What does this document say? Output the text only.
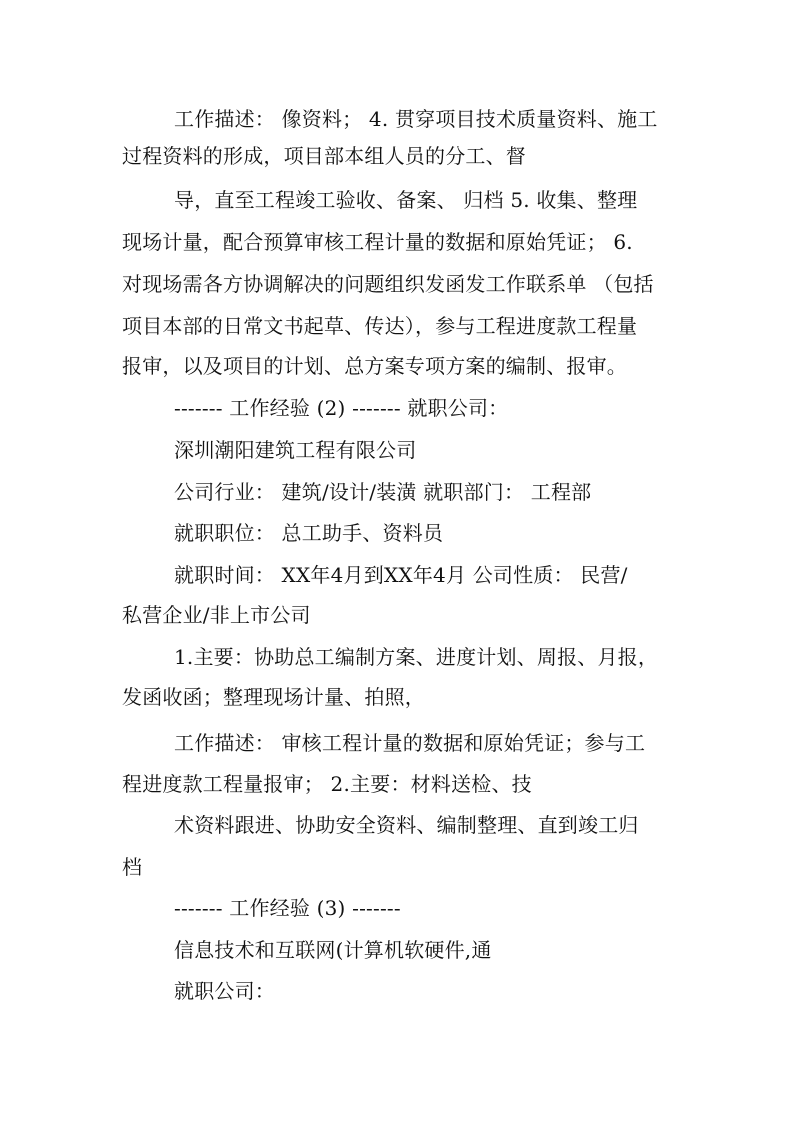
工作描述： 像资料； 4. 贯穿项目技术质量资料、施工
过程资料的形成，项目部本组人员的分工、督
导，直至工程竣工验收、备案、 归档 5. 收集、整理
现场计量，配合预算审核工程计量的数据和原始凭证； 6.
对现场需各方协调解决的问题组织发函发工作联系单 （包括
项目本部的日常文书起草、传达），参与工程进度款工程量
报审，以及项目的计划、总方案专项方案的编制、报审。
------- 工作经验 (2) ------- 就职公司：
深圳潮阳建筑工程有限公司
公司行业： 建筑/设计/装潢 就职部门： 工程部
就职职位： 总工助手、资料员
就职时间： XX年4月到XX年4月 公司性质： 民营/
私营企业/非上市公司
1.主要：协助总工编制方案、进度计划、周报、月报，
发函收函；整理现场计量、拍照，
工作描述： 审核工程计量的数据和原始凭证；参与工
程进度款工程量报审； 2.主要：材料送检、技
术资料跟进、协助安全资料、编制整理、直到竣工归
档
------- 工作经验 (3) -------
信息技术和互联网(计算机软硬件,通
就职公司：
